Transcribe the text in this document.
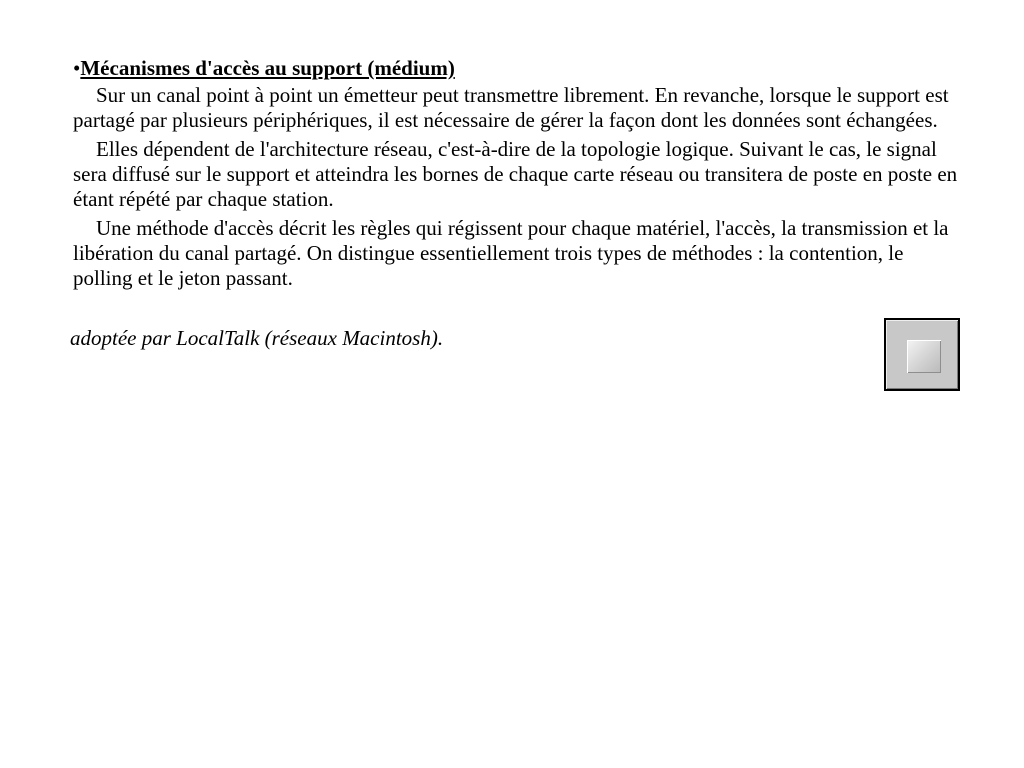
•Mécanismes d'accès au support (médium)

Sur un canal point à point un émetteur peut transmettre librement. En revanche, lorsque le support est partagé par plusieurs périphériques, il est nécessaire de gérer la façon dont les données sont échangées.

Elles dépendent de l'architecture réseau, c'est-à-dire de la topologie logique. Suivant le cas, le signal sera diffusé sur le support et atteindra les bornes de chaque carte réseau ou transitera de poste en poste en étant répété par chaque station.

Une méthode d'accès décrit les règles qui régissent pour chaque matériel, l'accès, la transmission et la libération du canal partagé. On distingue essentiellement trois types de méthodes : la contention, le polling et le jeton passant.

adoptée par LocalTalk (réseaux Macintosh).
